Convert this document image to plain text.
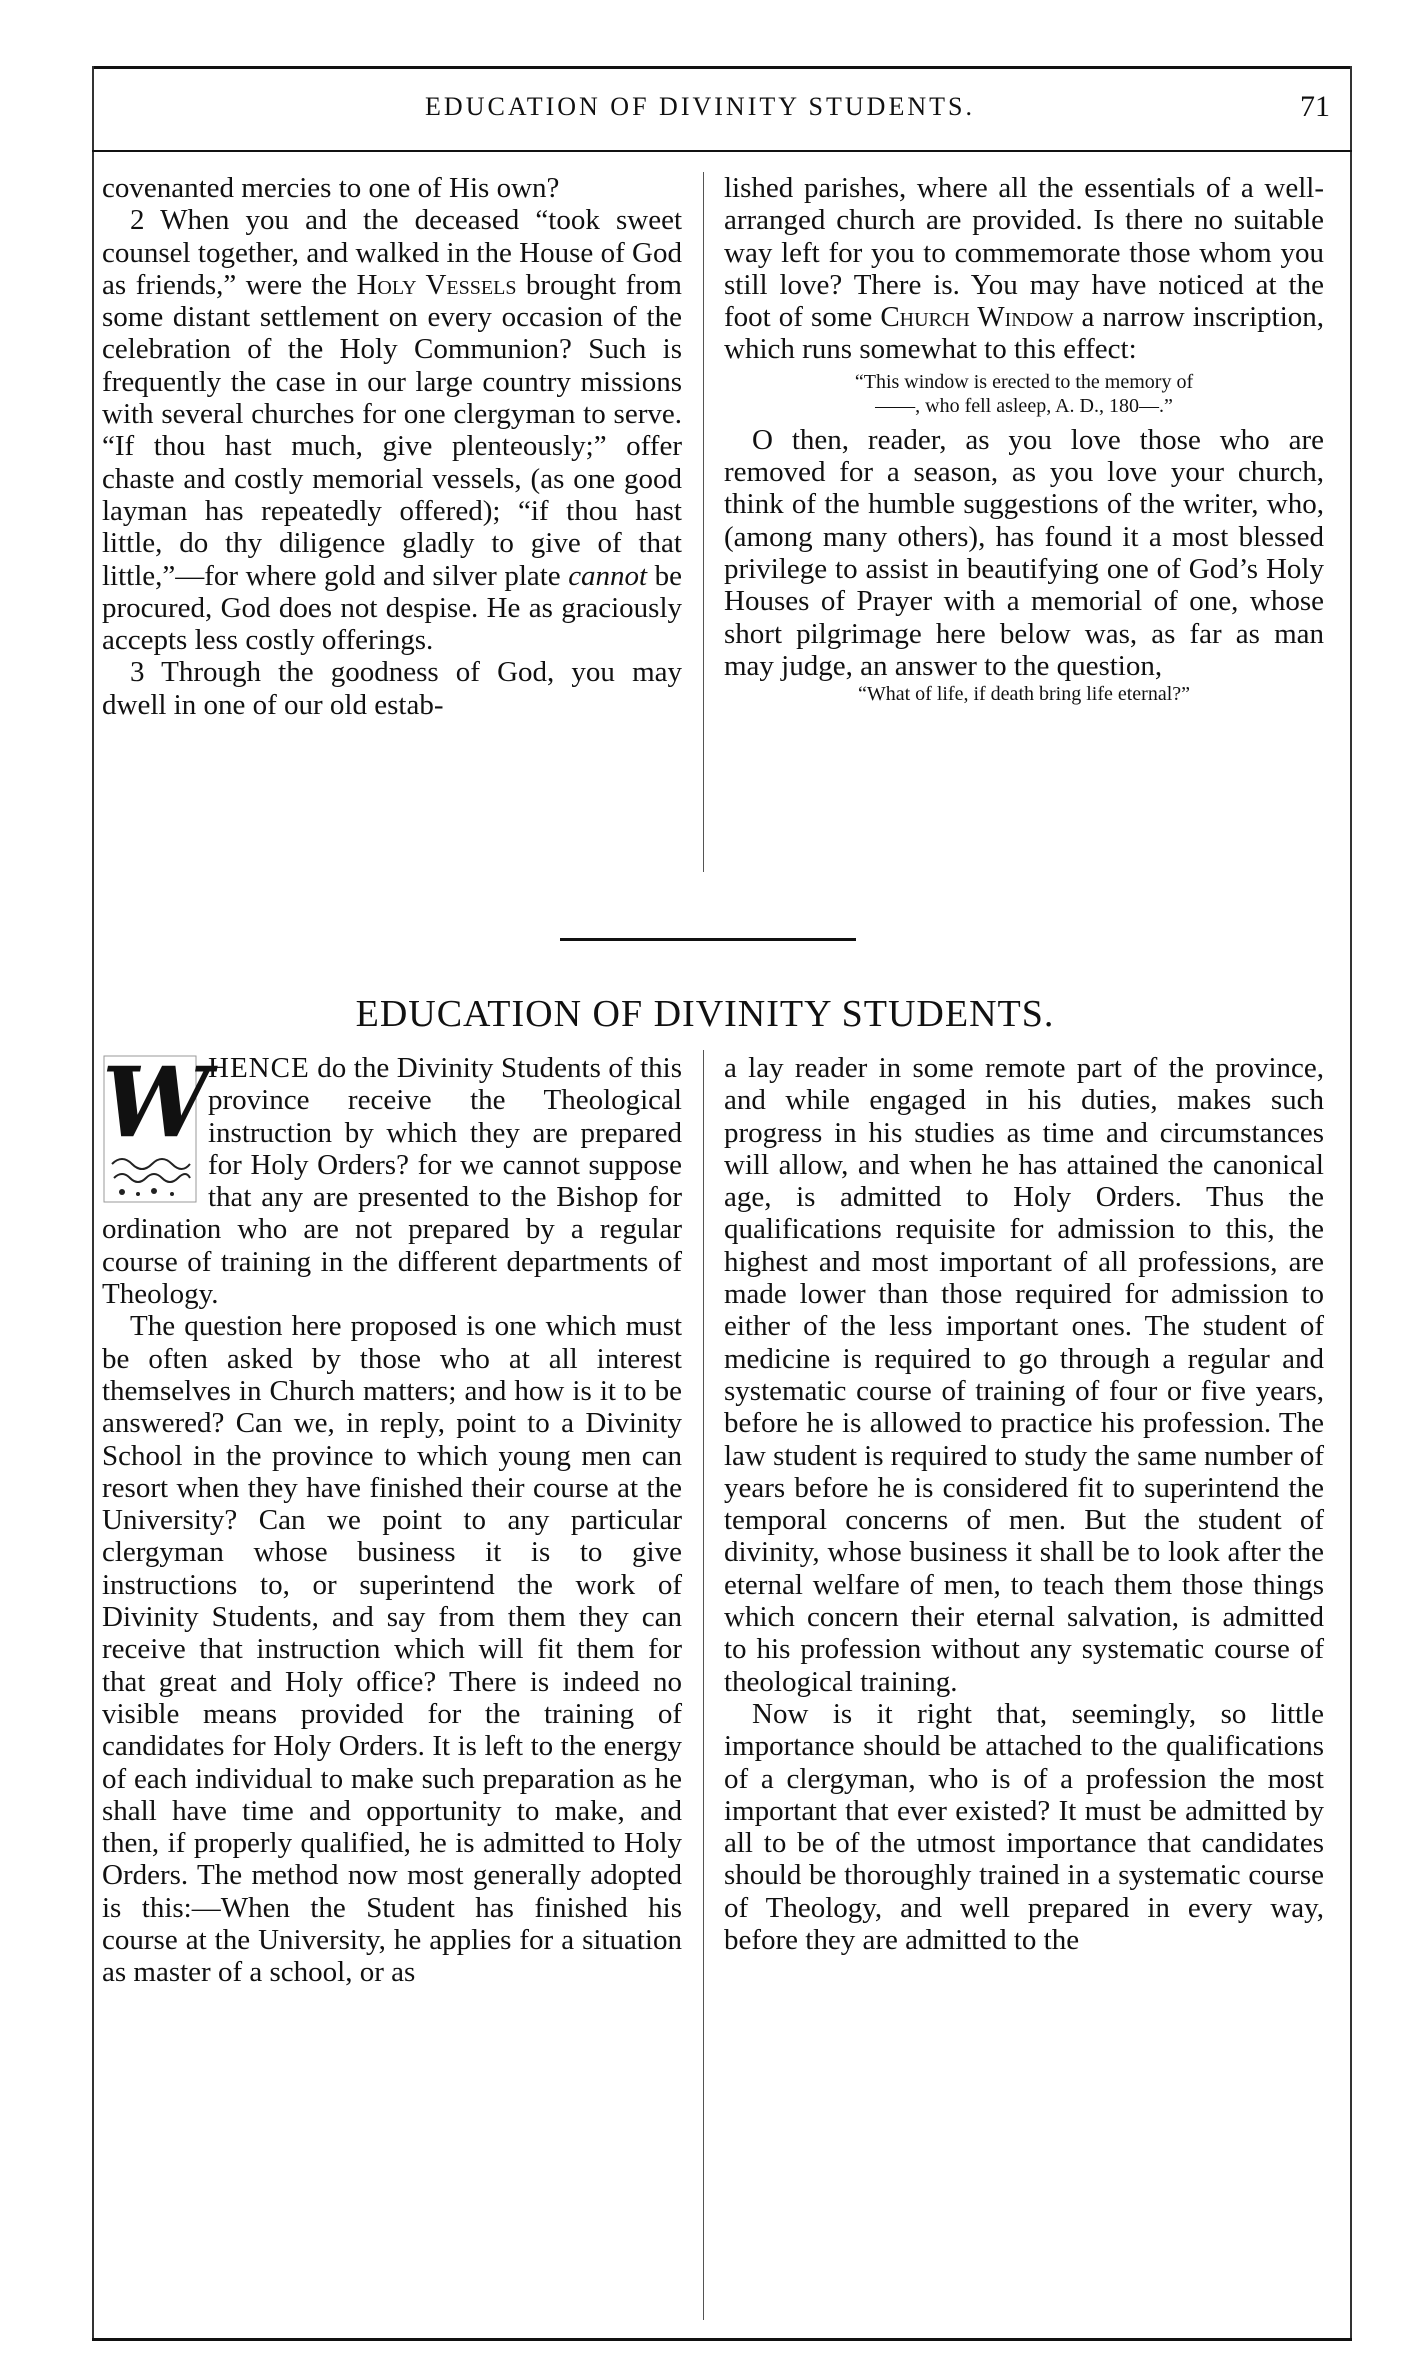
EDUCATION OF DIVINITY STUDENTS.	71

covenanted mercies to one of His own?

2 When you and the deceased “took sweet counsel together, and walked in the House of God as friends,” were the Holy Vessels brought from some distant settlement on every occasion of the celebration of the Holy Communion? Such is frequently the case in our large country missions with several churches for one clergyman to serve. “If thou hast much, give plenteously;” offer chaste and costly memorial vessels, (as one good layman has repeatedly offered); “if thou hast little, do thy diligence gladly to give of that little,”—for where gold and silver plate cannot be procured, God does not despise. He as graciously accepts less costly offerings.

3 Through the goodness of God, you may dwell in one of our old estab-

lished parishes, where all the essentials of a well-arranged church are provided. Is there no suitable way left for you to commemorate those whom you still love? There is. You may have noticed at the foot of some Church Window a narrow inscription, which runs somewhat to this effect:

“This window is erected to the memory of
——, who fell asleep, A. D., 180—.”

O then, reader, as you love those who are removed for a season, as you love your church, think of the humble suggestions of the writer, who, (among many others), has found it a most blessed privilege to assist in beautifying one of God’s Holy Houses of Prayer with a memorial of one, whose short pilgrimage here below was, as far as man may judge, an answer to the question,

“What of life, if death bring life eternal?”
EDUCATION OF DIVINITY STUDENTS.
W

HENCE do the Divinity Students of this province receive the Theological instruction by which they are prepared for Holy Orders? for we cannot suppose that any are presented to the Bishop for ordination who are not prepared by a regular course of training in the different departments of Theology.

The question here proposed is one which must be often asked by those who at all interest themselves in Church matters; and how is it to be answered? Can we, in reply, point to a Divinity School in the province to which young men can resort when they have finished their course at the University? Can we point to any particular clergyman whose business it is to give instructions to, or superintend the work of Divinity Students, and say from them they can receive that instruction which will fit them for that great and Holy office? There is indeed no visible means provided for the training of candidates for Holy Orders. It is left to the energy of each individual to make such preparation as he shall have time and opportunity to make, and then, if properly qualified, he is admitted to Holy Orders. The method now most generally adopted is this:—When the Student has finished his course at the University, he applies for a situation as master of a school, or as

a lay reader in some remote part of the province, and while engaged in his duties, makes such progress in his studies as time and circumstances will allow, and when he has attained the canonical age, is admitted to Holy Orders. Thus the qualifications requisite for admission to this, the highest and most important of all professions, are made lower than those required for admission to either of the less important ones. The student of medicine is required to go through a regular and systematic course of training of four or five years, before he is allowed to practice his profession. The law student is required to study the same number of years before he is considered fit to superintend the temporal concerns of men. But the student of divinity, whose business it shall be to look after the eternal welfare of men, to teach them those things which concern their eternal salvation, is admitted to his profession without any systematic course of theological training.

Now is it right that, seemingly, so little importance should be attached to the qualifications of a clergyman, who is of a profession the most important that ever existed? It must be admitted by all to be of the utmost importance that candidates should be thoroughly trained in a systematic course of Theology, and well prepared in every way, before they are admitted to the
